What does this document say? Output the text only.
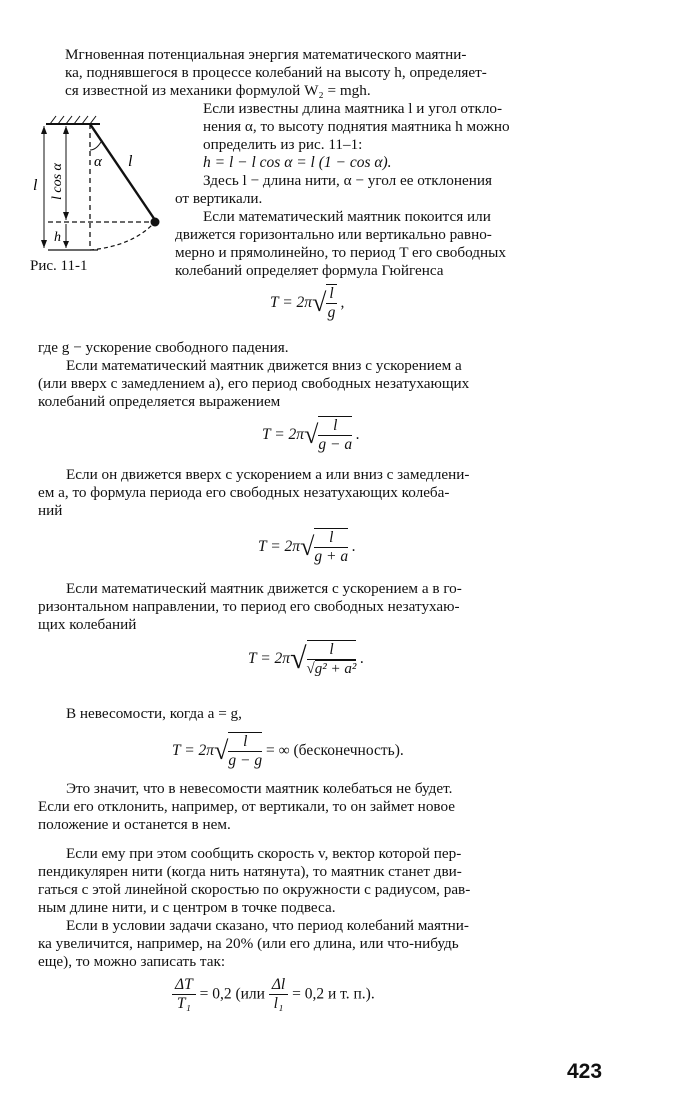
Мгновенная потенциальная энергия математического маятни-
ка, поднявшегося в процессе колебаний на высоту h, определяет-
ся известной из механики формулой W₂ = mgh.
l l cos α
α l
h
Рис. 11-1
Если известны длина маятника l и угол откло-
нения α, то высоту поднятия маятника h можно
определить из рис. 11–1:
h = l − l cos α = l (1 − cos α).
Здесь l − длина нити, α − угол ее отклонения
от вертикали.
Если математический маятник покоится или
движется горизонтально или вертикально равно-
мерно и прямолинейно, то период T его свободных
колебаний определяет формула Гюйгенса
$T = 2\pi√ \frac{l}{g}$ ,
где g − ускорение свободного падения.
Если математический маятник движется вниз с ускорением a
(или вверх с замедлением a), его период свободных незатухающих
колебаний определяется выражением
$T = 2\pi√ \frac{l}{g - a}$ .
Если он движется вверх с ускорением a или вниз с замедлени-
ем a, то формула периода его свободных незатухающих колеба-
ний
$T = 2\pi√ \frac{l}{g + a}$ .
Если математический маятник движется с ускорением a в го-
ризонтальном направлении, то период его свободных незатухаю-
щих колебаний
$T = 2\pi√ \frac{l}{\text{√g² + a²}}$ .
В невесомости, когда a = g,
$T = 2\pi√ \frac{l}{g - g}$ = ∞ (бесконечность).
Это значит, что в невесомости маятник колебаться не будет.
Если его отклонить, например, от вертикали, то он займет новое
положение и останется в нем.
Если ему при этом сообщить скорость v, вектор которой пер-
пендикулярен нити (когда нить натянута), то маятник станет дви-
гаться с этой линейной скоростью по окружности с радиусом, рав-
ным длине нити, и с центром в точке подвеса.
Если в условии задачи сказано, что период колебаний маятни-
ка увеличится, например, на 20% (или его длина, или что-нибудь
еще), то можно записать так:
$\frac{\Delta T}{\text{T₁}} = 0,2$ ($или \frac{\Delta l}{\text{l₁}} = 0,2$ и т. п.).
423
